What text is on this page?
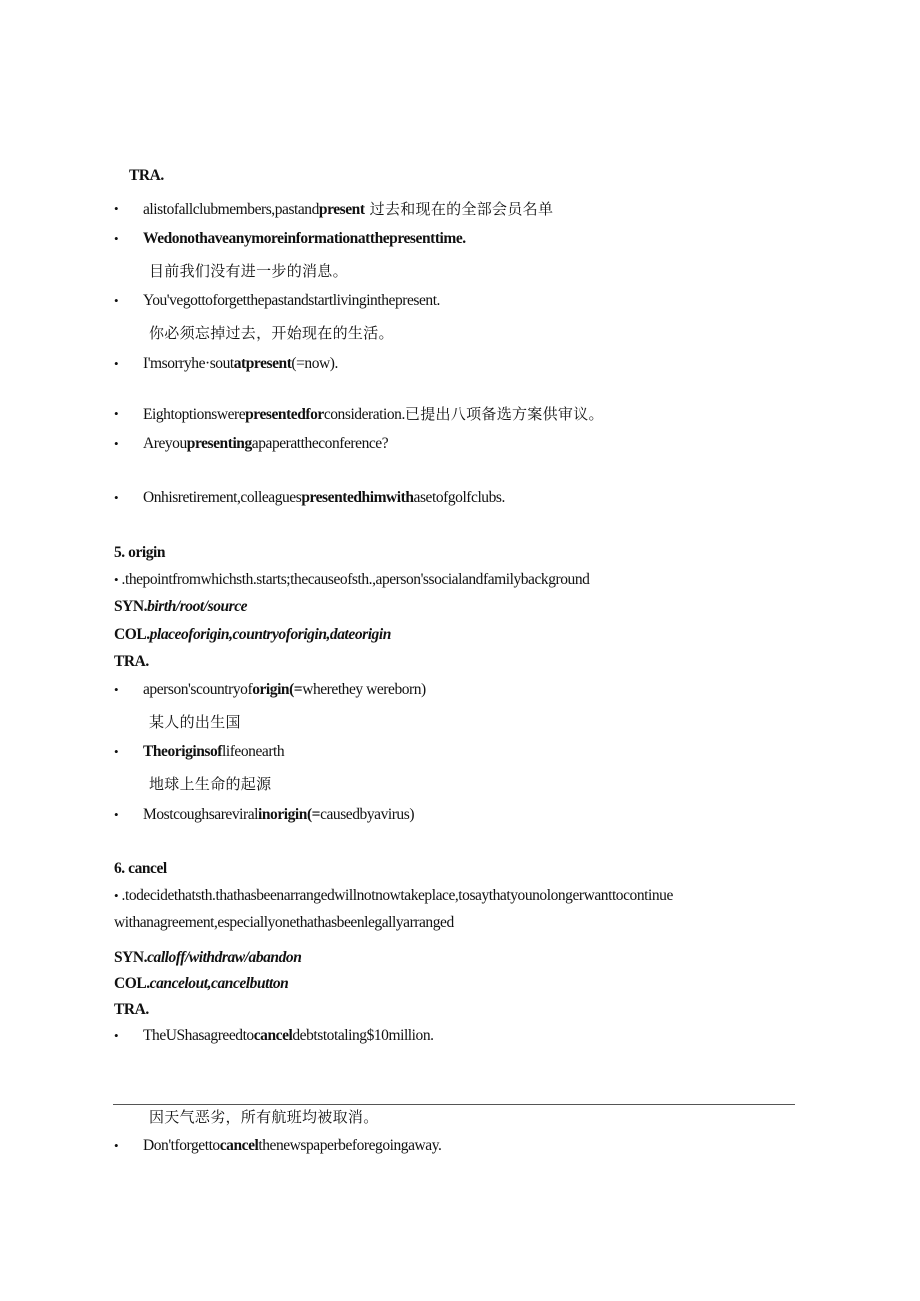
TRA.
• alistofallclubmembers,pastandpresent 过去和现在的全部会员名单
• Wedonothaveanymoreinformationatthepresenttime.
目前我们没有进一步的消息。
• You'vegottoforgetthepastandstartlivinginthepresent.
你必须忘掉过去，开始现在的生活。
• I'msorryhe·soutatpresent(=now).
• Eightoptionswerepresentedforconsideration.已提出八项备选方案供审议。
• Areyoupresentingapaperattheconference?
• Onhisretirement,colleaguespresentedhimwithasetofgolfclubs.
5. origin
• .thepointfromwhichsth.starts;thecauseofsth.,aperson'ssocialandfamilybackground
SYN.birth/root/source
COL.placeoforigin,countryoforigin,dateorigin
TRA.
• aperson'scountryoforigin(=wherethey wereborn)
某人的出生国
• Theoriginsoflifeonearth
地球上生命的起源
• Mostcoughsareviralinorigin(=causedbyavirus)
6. cancel
• .todecidethatsth.thathasbeenarrangedwillnotnowtakeplace,tosaythatyounolongerwanttocontinue
withanagreement,especiallyonethathasbeenlegallyarranged
SYN.calloff/withdraw/abandon
COL.cancelout,cancelbutton
TRA.
• TheUShasagreedtocanceldebtstotaling$10million.
因天气恶劣，所有航班均被取消。
• Don'tforgettocancelthenewspaperbeforegoingaway.
